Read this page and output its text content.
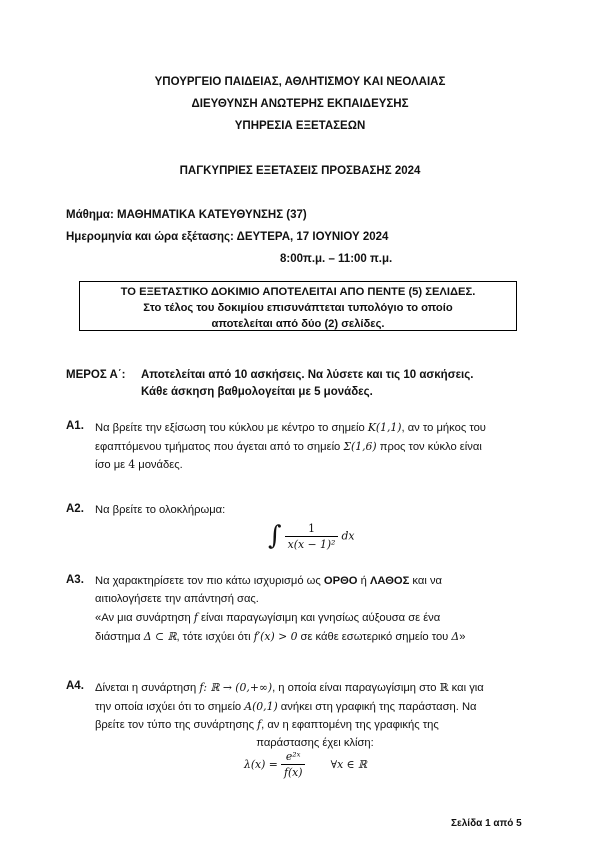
ΥΠΟΥΡΓΕΙΟ ΠΑΙΔΕΙΑΣ, ΑΘΛΗΤΙΣΜΟΥ ΚΑΙ ΝΕΟΛΑΙΑΣ
ΔΙΕΥΘΥΝΣΗ ΑΝΩΤΕΡΗΣ ΕΚΠΑΙΔΕΥΣΗΣ
ΥΠΗΡΕΣΙΑ ΕΞΕΤΑΣΕΩΝ
ΠΑΓΚΥΠΡΙΕΣ ΕΞΕΤΑΣΕΙΣ ΠΡΟΣΒΑΣΗΣ 2024
Μάθημα: ΜΑΘΗΜΑΤΙΚΑ ΚΑΤΕΥΘΥΝΣΗΣ (37)
Ημερομηνία και ώρα εξέτασης: ΔΕΥΤΕΡΑ, 17 ΙΟΥΝΙΟΥ 2024
8:00π.μ. – 11:00 π.μ.
ΤΟ ΕΞΕΤΑΣΤΙΚΟ ΔΟΚΙΜΙΟ ΑΠΟΤΕΛΕΙΤΑΙ ΑΠΟ ΠΕΝΤΕ (5) ΣΕΛΙΔΕΣ.
Στο τέλος του δοκιμίου επισυνάπτεται τυπολόγιο το οποίο
αποτελείται από δύο (2) σελίδες.
ΜΕΡΟΣ Α΄: Αποτελείται από 10 ασκήσεις. Να λύσετε και τις 10 ασκήσεις.
Κάθε άσκηση βαθμολογείται με 5 μονάδες.
Α1. Να βρείτε την εξίσωση του κύκλου με κέντρο το σημείο K(1,1), αν το μήκος του
εφαπτόμενου τμήματος που άγεται από το σημείο Σ(1,6) προς τον κύκλο είναι
ίσο με 4 μονάδες.
Α2. Να βρείτε το ολοκλήρωμα:
∫ $\frac{1}{\text{x(x − 1)²}}$ dx
Α3. Να χαρακτηρίσετε τον πιο κάτω ισχυρισμό ως ΟΡΘΟ ή ΛΑΘΟΣ και να
αιτιολογήσετε την απάντησή σας.
«Αν μια συνάρτηση f είναι παραγωγίσιμη και γνησίως αύξουσα σε ένα
διάστημα Δ ⊂ ℝ, τότε ισχύει ότι f′(x) > 0 σε κάθε εσωτερικό σημείο του Δ»
Α4. Δίνεται η συνάρτηση f: ℝ → (0,+∞), η οποία είναι παραγωγίσιμη στο ℝ και για
την οποία ισχύει ότι το σημείο A(0,1) ανήκει στη γραφική της παράσταση. Να
βρείτε τον τύπο της συνάρτησης f, αν η εφαπτομένη της γραφικής της
παράστασης έχει κλίση:
$\lambda(x) = \frac{\text{e²ˣ}}{f(x)}$ ∀x ∈ ℝ
Σελίδα 1 από 5
